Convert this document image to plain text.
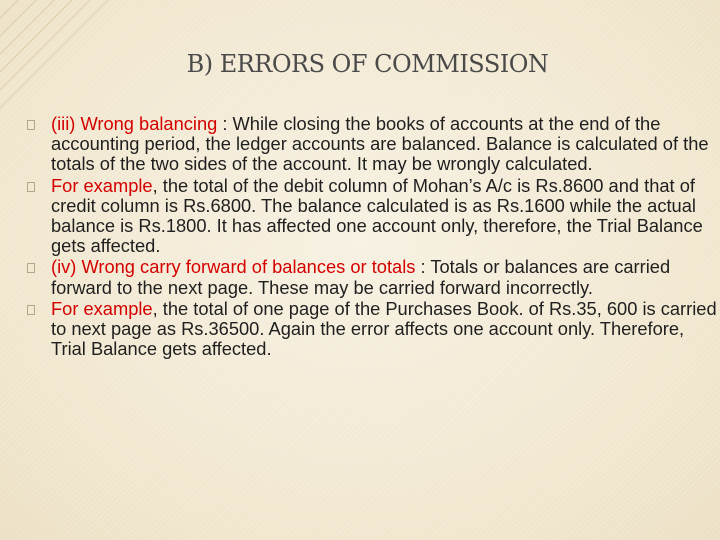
B) ERRORS OF COMMISSION
(iii) Wrong balancing : While closing the books of accounts at the end of the accounting period, the ledger accounts are balanced. Balance is calculated of the totals of the two sides of the account. It may be wrongly calculated.
For example, the total of the debit column of Mohan’s A/c is Rs.8600 and that of credit column is Rs.6800. The balance calculated is as Rs.1600 while the actual balance is Rs.1800. It has affected one account only, therefore, the Trial Balance gets affected.
(iv) Wrong carry forward of balances or totals : Totals or balances are carried forward to the next page. These may be carried forward incorrectly.
For example, the total of one page of the Purchases Book. of Rs.35, 600 is carried to next page as Rs.36500. Again the error affects one account only. Therefore, Trial Balance gets affected.
